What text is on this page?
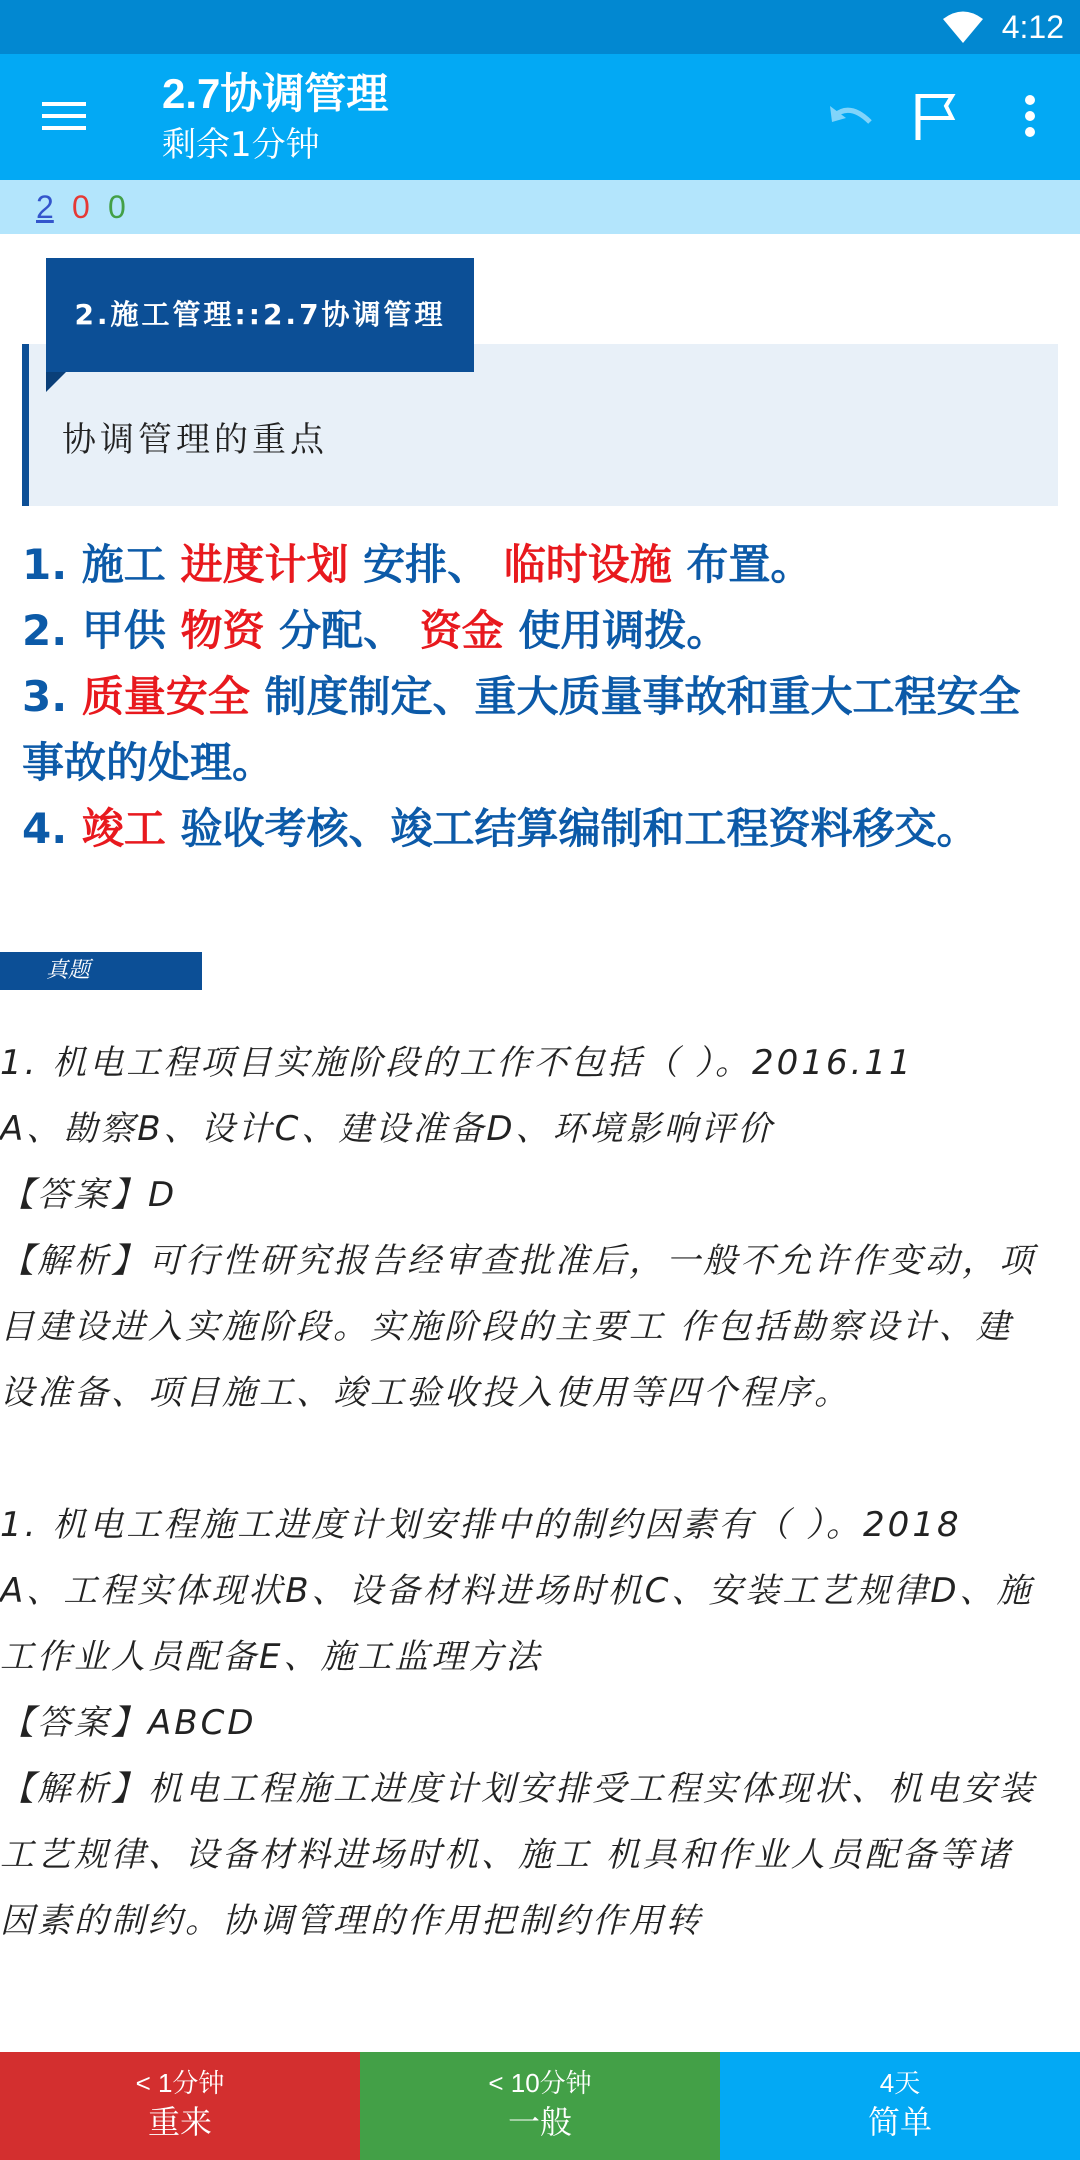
4:12
2.7协调管理
剩余1分钟
2 0 0
2.施工管理::2.7协调管理
协调管理的重点

1. 施工 进度计划 安排、 临时设施 布置。

2. 甲供 物资 分配、 资金 使用调拨。

3. 质量安全 制度制定、重大质量事故和重大工程安全事故的处理。

4. 竣工 验收考核、竣工结算编制和工程资料移交。

真题

1. 机电工程项目实施阶段的工作不包括（ ）。2016.11

A、勘察B、设计C、建设准备D、环境影响评价

【答案】D

【解析】可行性研究报告经审查批准后，一般不允许作变动，项目建设进入实施阶段。实施阶段的主要工 作包括勘察设计、建设准备、项目施工、竣工验收投入使用等四个程序。

1. 机电工程施工进度计划安排中的制约因素有（ ）。2018

A、工程实体现状B、设备材料进场时机C、安装工艺规律D、施工作业人员配备E、施工监理方法

【答案】ABCD

【解析】机电工程施工进度计划安排受工程实体现状、机电安装工艺规律、设备材料进场时机、施工 机具和作业人员配备等诸因素的制约。协调管理的作用把制约作用转

< 1分钟
重来
< 10分钟
一般
4天
简单
